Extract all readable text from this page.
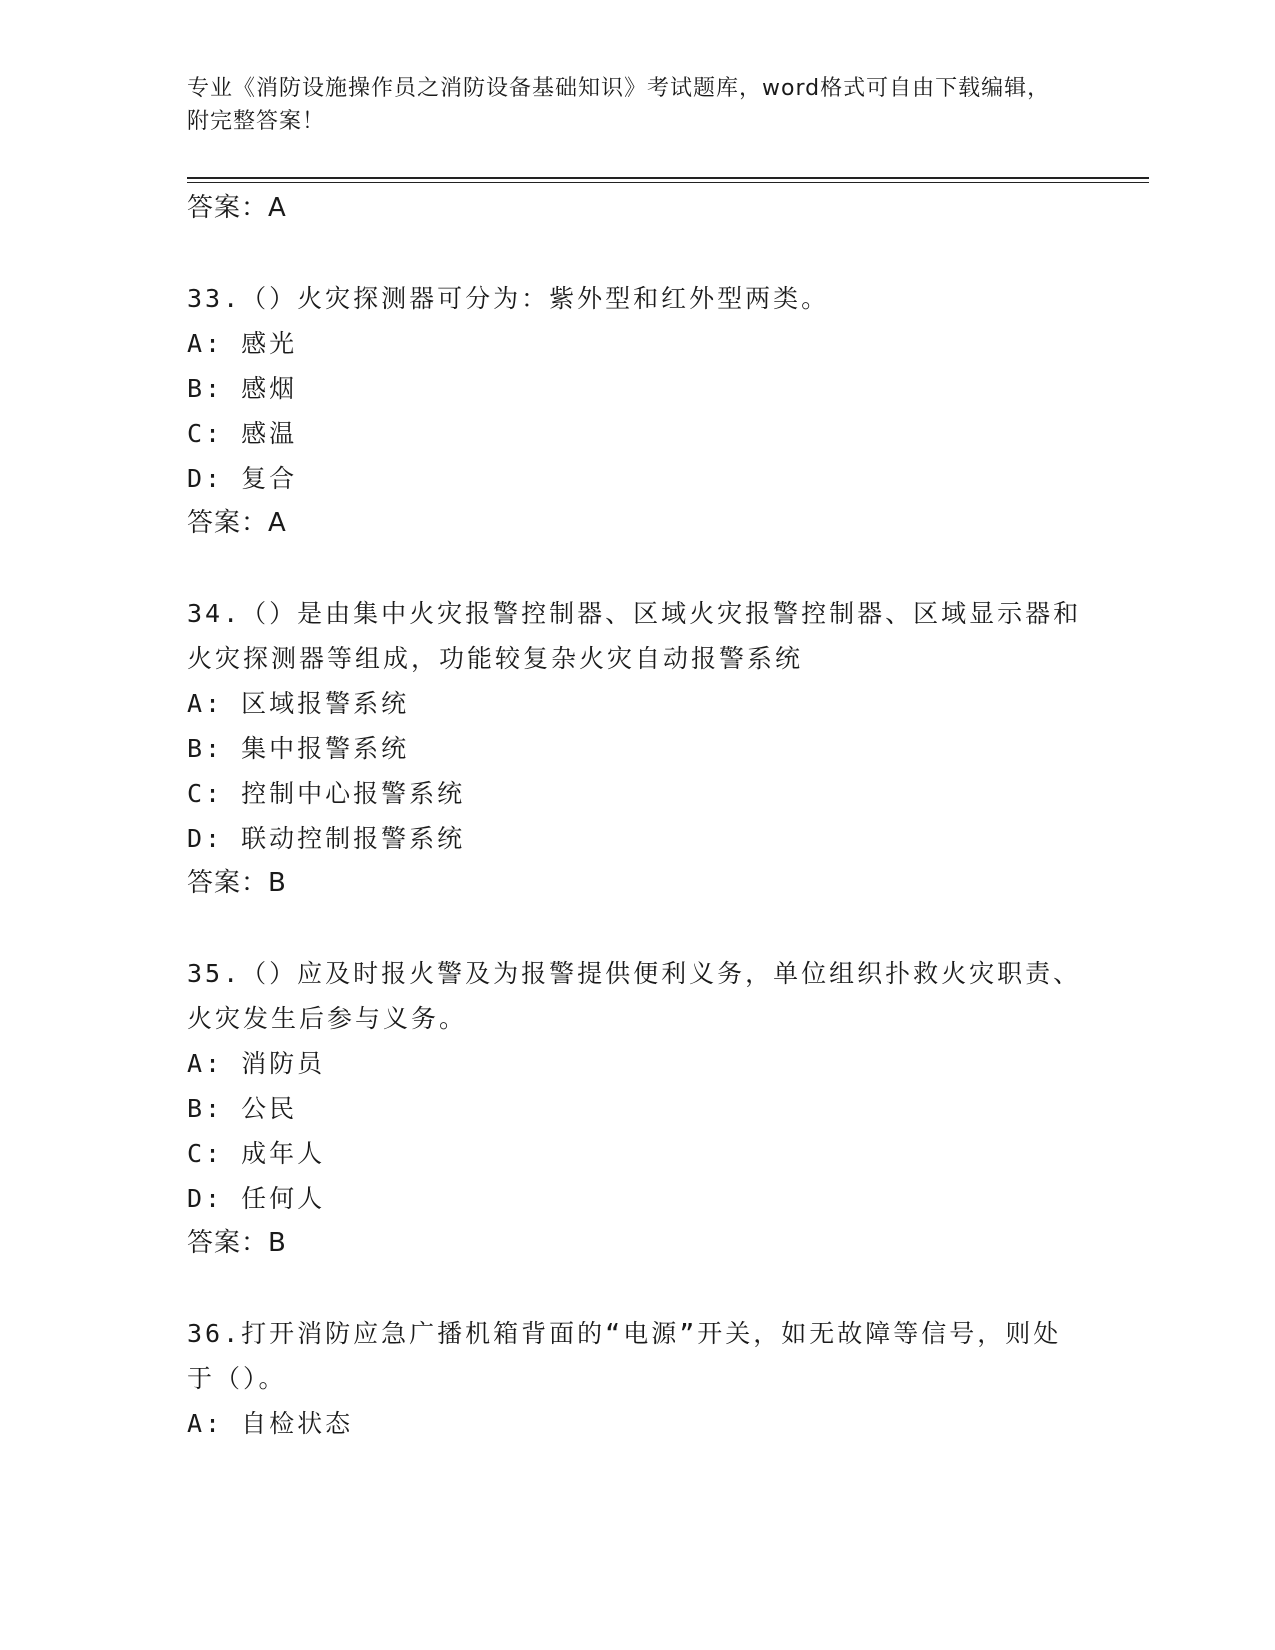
专业《消防设施操作员之消防设备基础知识》考试题库，word格式可自由下载编辑，附完整答案！
答案：A
33.（）火灾探测器可分为：紫外型和红外型两类。
A: 感光
B: 感烟
C: 感温
D: 复合
答案：A
34.（）是由集中火灾报警控制器、区域火灾报警控制器、区域显示器和火灾探测器等组成，功能较复杂火灾自动报警系统
A: 区域报警系统
B: 集中报警系统
C: 控制中心报警系统
D: 联动控制报警系统
答案：B
35.（）应及时报火警及为报警提供便利义务，单位组织扑救火灾职责、火灾发生后参与义务。
A: 消防员
B: 公民
C: 成年人
D: 任何人
答案：B
36.打开消防应急广播机箱背面的“电源”开关，如无故障等信号，则处于（）。
A: 自检状态
